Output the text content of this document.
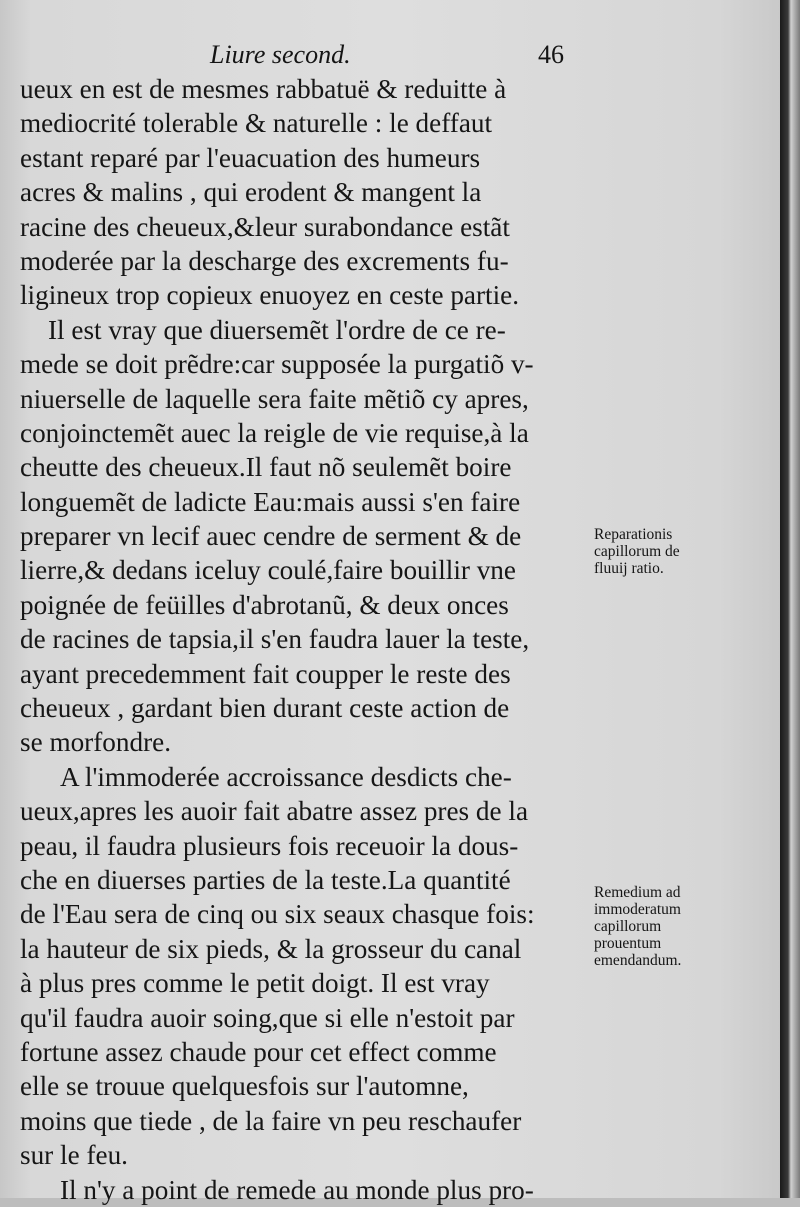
Liure second.	46
ueux en est de mesmes rabbatuë & reduitte à
mediocrité tolerable & naturelle : le deffaut
estant reparé par l'euacuation des humeurs
acres & malins , qui erodent & mangent la
racine des cheueux,&leur surabondance estãt
moderée par la descharge des excrements fu-
ligineux trop copieux enuoyez en ceste partie.
Il est vray que diuersemẽt l'ordre de ce re-
mede se doit prẽdre:car supposée la purgatiõ v-
niuerselle de laquelle sera faite mẽtiõ cy apres,
conjoinctemẽt auec la reigle de vie requise,à la
cheutte des cheueux.Il faut nõ seulemẽt boire
longuemẽt de ladicte Eau:mais aussi s'en faire
preparer vn lecif auec cendre de serment & de
lierre,& dedans iceluy coulé,faire bouillir vne
poignée de feüilles d'abrotanũ, & deux onces
de racines de tapsia,il s'en faudra lauer la teste,
ayant precedemment fait coupper le reste des
cheueux , gardant bien durant ceste action de
se morfondre.
A l'immoderée accroissance desdicts che-
ueux,apres les auoir fait abatre assez pres de la
peau, il faudra plusieurs fois receuoir la dous-
che en diuerses parties de la teste.La quantité
de l'Eau sera de cinq ou six seaux chasque fois:
la hauteur de six pieds, & la grosseur du canal
à plus pres comme le petit doigt. Il est vray
qu'il faudra auoir soing,que si elle n'estoit par
fortune assez chaude pour cet effect comme
elle se trouue quelquesfois sur l'automne,
moins que tiede , de la faire vn peu reschaufer
sur le feu.
Il n'y a point de remede au monde plus pro-
Reparationis
capillorum de
fluuij ratio.
Remedium ad
immoderatum
capillorum
prouentum
emendandum.
